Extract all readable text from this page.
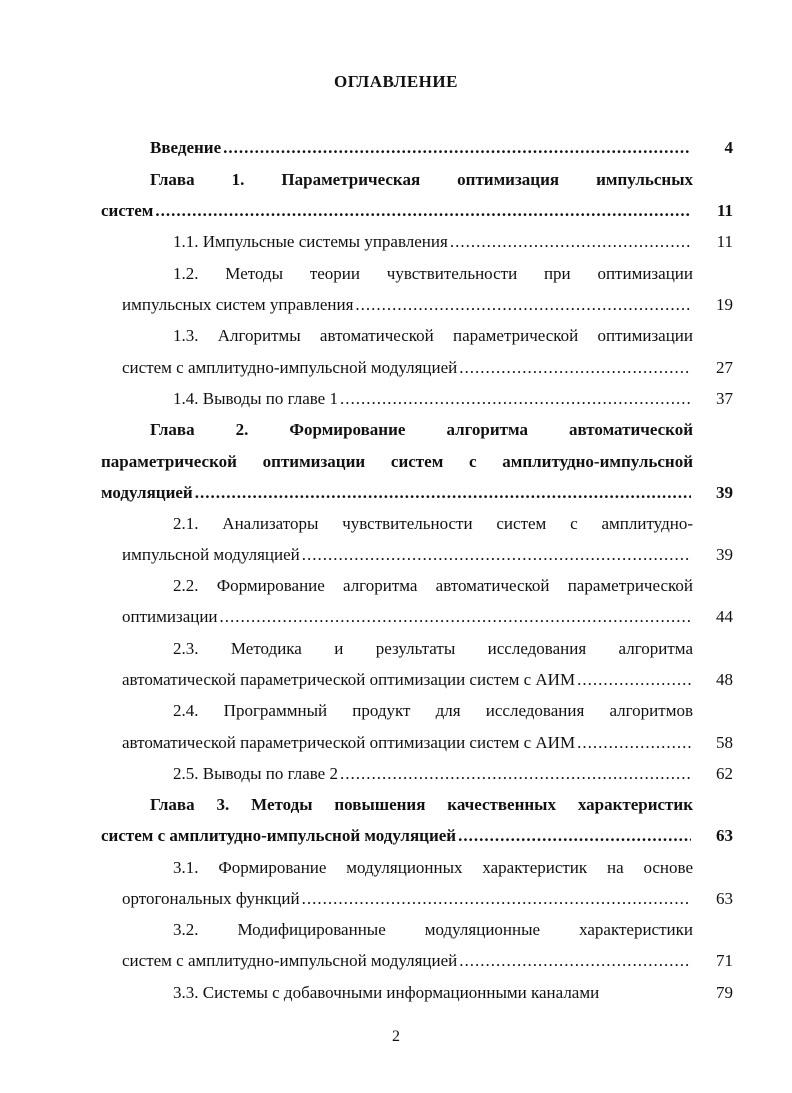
ОГЛАВЛЕНИЕ
Введение .....	4
Глава 1. Параметрическая оптимизация импульсных
систем .....	11
1.1. Импульсные системы управления .....	11
1.2. Методы теории чувствительности при оптимизации
импульсных систем управления .....	19
1.3. Алгоритмы автоматической параметрической оптимизации
систем с амплитудно-импульсной модуляцией .....	27
1.4. Выводы по главе 1 .....	37
Глава 2. Формирование алгоритма автоматической
параметрической оптимизации систем с амплитудно-импульсной
модуляцией .....	39
2.1. Анализаторы чувствительности систем с амплитудно-
импульсной модуляцией .....	39
2.2. Формирование алгоритма автоматической параметрической
оптимизации .....	44
2.3. Методика и результаты исследования алгоритма
автоматической параметрической оптимизации систем с АИМ .....	48
2.4. Программный продукт для исследования алгоритмов
автоматической параметрической оптимизации систем с АИМ .....	58
2.5. Выводы по главе 2 .....	62
Глава 3. Методы повышения качественных характеристик
систем с амплитудно-импульсной модуляцией .....	63
3.1. Формирование модуляционных характеристик на основе
ортогональных функций .....	63
3.2. Модифицированные модуляционные характеристики
систем с амплитудно-импульсной модуляцией .....	71
3.3. Системы с добавочными информационными каналами	79
2
